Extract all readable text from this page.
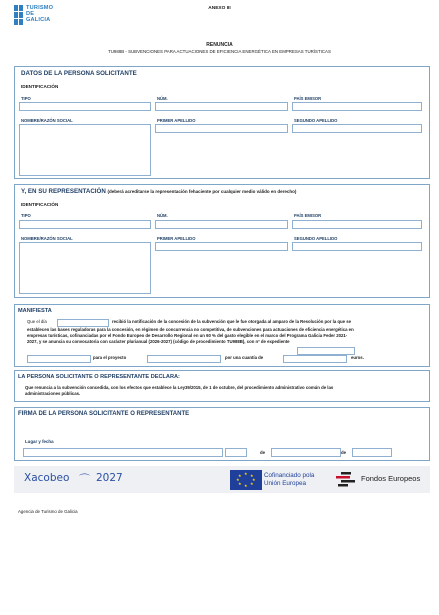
TURISMO
DE
GALICIA
ANEXO III
RENUNCIA
TU988B - SUBVENCIONES PARA ACTUACIONES DE EFICIENCIA ENERGÉTICA EN EMPRESAS TURÍSTICAS
DATOS DE LA PERSONA SOLICITANTE
IDENTIFICACIÓN
TIPO	NÚM.	PAÍS EMISOR
NOMBRE/RAZÓN SOCIAL	PRIMER APELLIDO	SEGUNDO APELLIDO
Y, EN SU REPRESENTACIÓN (deberá acreditarse la representación fehaciente por cualquier medio válido en derecho)
IDENTIFICACIÓN
TIPO	NÚM.	PAÍS EMISOR
NOMBRE/RAZÓN SOCIAL	PRIMER APELLIDO	SEGUNDO APELLIDO
MANIFIESTA
Que el día	recibió la notificación de la concesión de la subvención que le fue otorgada al amparo de la Resolución por la que se
establecen las bases reguladoras para la concesión, en régimen de concurrencia no competitiva, de subvenciones para actuaciones de eficiencia energética en
empresas turísticas, cofinanciadas por el Fondo Europeo de Desarrollo Regional en un 60 % del gasto elegible en el marco del Programa Galicia Feder 2021-
2027, y se anuncia su convocatoria con carácter plurianual (2026-2027) (código de procedimiento TU988B), con nº de expediente
para el proyecto	por una cuantía de	euros.
LA PERSONA SOLICITANTE O REPRESENTANTE DECLARA:
Que renuncia a la subvención concedida, con los efectos que establece la Ley39/2015, de 1 de octubre, del procedimiento administrativo común de las
administraciones públicas.
FIRMA DE LA PERSONA SOLICITANTE O REPRESENTANTE
Lugar y fecha
de	de
Xacobeo ⌒ 2027	★ ★
★
★
★
★
★
★	Cofinanciado pola
Unión Europea
Fondos Europeos
Agencia de Turismo de Galicia
